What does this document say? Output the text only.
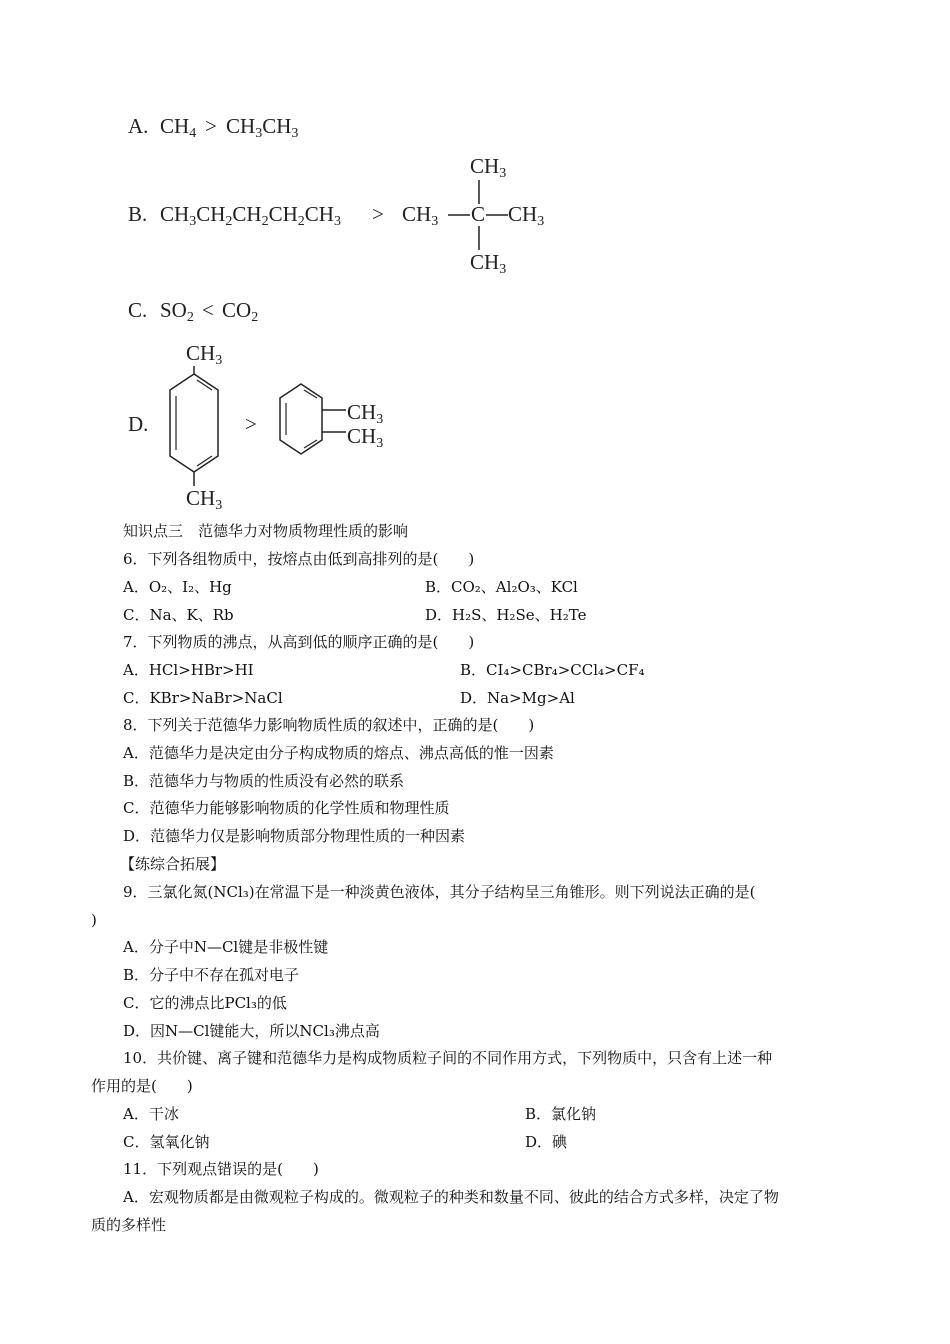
A. $CH_4 > CH_3CH_3$
B. $CH_3CH_2CH_2CH_2CH_3$ >
$CH_3$
$CH_3$ C $CH_3$
$CH_3$
C. $SO_2 < CO_2$
D.
$CH_3$
$CH_3$
>	$CH_3$
$CH_3$
知识点三　范德华力对物质物理性质的影响
6．下列各组物质中，按熔点由低到高排列的是(　　)
A．O₂、I₂、Hg	B．CO₂、Al₂O₃、KCl
C．Na、K、Rb	D．H₂S、H₂Se、H₂Te
7．下列物质的沸点，从高到低的顺序正确的是(　　)
A．HCl>HBr>HI	B．CI₄>CBr₄>CCl₄>CF₄
C．KBr>NaBr>NaCl	D．Na>Mg>Al
8．下列关于范德华力影响物质性质的叙述中，正确的是(　　)
A．范德华力是决定由分子构成物质的熔点、沸点高低的惟一因素
B．范德华力与物质的性质没有必然的联系
C．范德华力能够影响物质的化学性质和物理性质
D．范德华力仅是影响物质部分物理性质的一种因素
【练综合拓展】
9．三氯化氮(NCl₃)在常温下是一种淡黄色液体，其分子结构呈三角锥形。则下列说法正确的是(
)
A．分子中N—Cl键是非极性键
B．分子中不存在孤对电子
C．它的沸点比PCl₃的低
D．因N—Cl键能大，所以NCl₃沸点高
10．共价键、离子键和范德华力是构成物质粒子间的不同作用方式，下列物质中，只含有上述一种
作用的是(　　)
A．干冰	B．氯化钠
C．氢氧化钠	D．碘
11．下列观点错误的是(　　)
A．宏观物质都是由微观粒子构成的。微观粒子的种类和数量不同、彼此的结合方式多样，决定了物
质的多样性
